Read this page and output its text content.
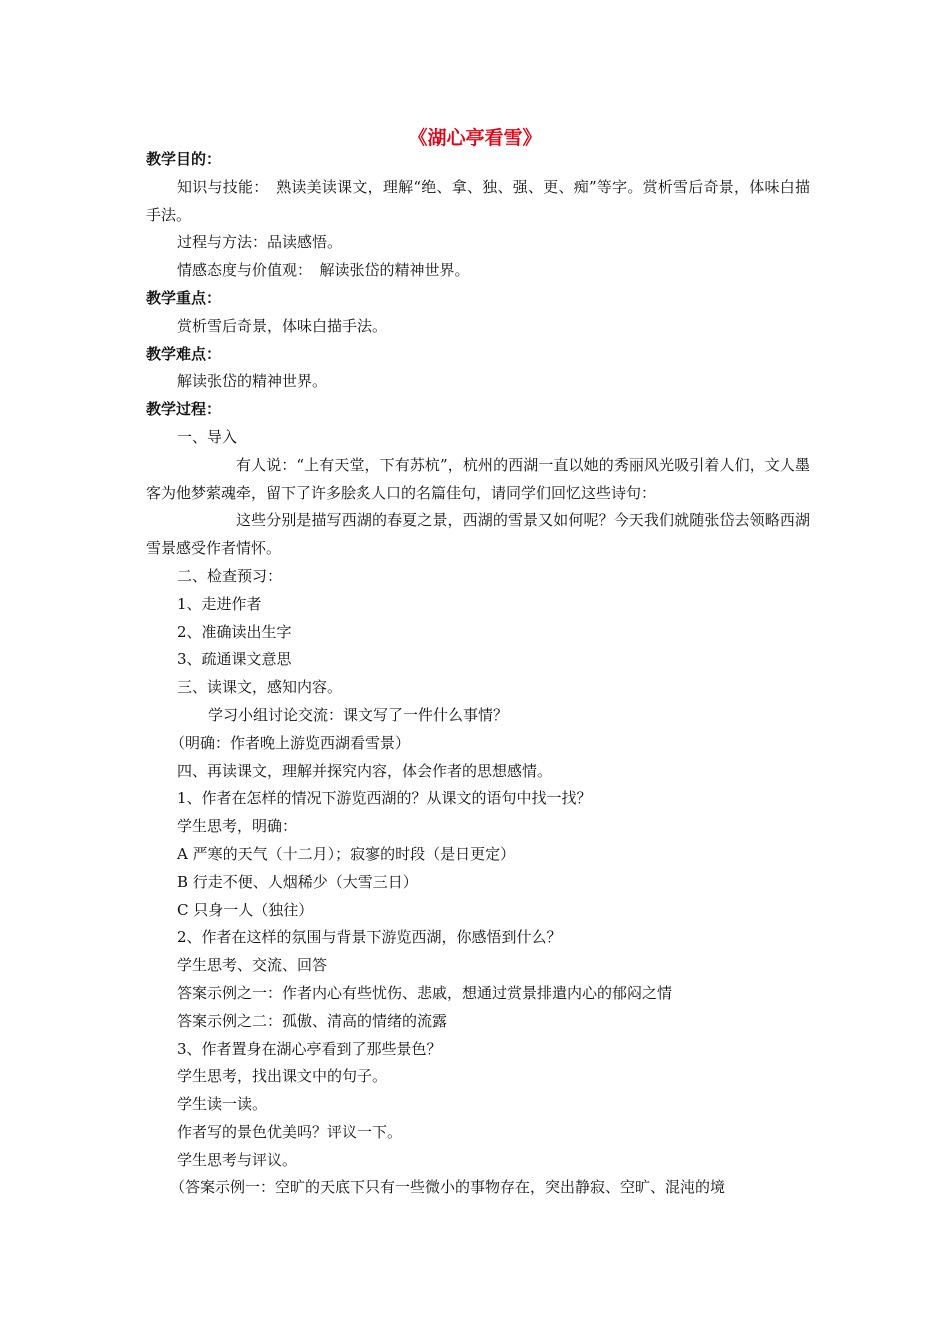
《湖心亭看雪》
教学目的：
知识与技能：　熟读美读课文，理解“绝、拿、独、强、更、痴”等字。赏析雪后奇景，体味白描手法。
过程与方法：品读感悟。
情感态度与价值观：　解读张岱的精神世界。
教学重点：
赏析雪后奇景，体味白描手法。
教学难点：
解读张岱的精神世界。
教学过程：
一、导入
有人说：“上有天堂，下有苏杭”，杭州的西湖一直以她的秀丽风光吸引着人们，文人墨客为他梦萦魂牵，留下了许多脍炙人口的名篇佳句，请同学们回忆这些诗句：
这些分别是描写西湖的春夏之景，西湖的雪景又如何呢？今天我们就随张岱去领略西湖雪景感受作者情怀。
二、检查预习：
1、走进作者
2、准确读出生字
3、疏通课文意思
三、读课文，感知内容。
学习小组讨论交流：课文写了一件什么事情？
（明确：作者晚上游览西湖看雪景）
四、再读课文，理解并探究内容，体会作者的思想感情。
1、作者在怎样的情况下游览西湖的？从课文的语句中找一找？
学生思考，明确：
A 严寒的天气（十二月）；寂寥的时段（是日更定）
B 行走不便、人烟稀少（大雪三日）
C 只身一人（独往）
2、作者在这样的氛围与背景下游览西湖，你感悟到什么？
学生思考、交流、回答
答案示例之一：作者内心有些忧伤、悲戚，想通过赏景排遣内心的郁闷之情
答案示例之二：孤傲、清高的情绪的流露
3、作者置身在湖心亭看到了那些景色？
学生思考，找出课文中的句子。
学生读一读。
作者写的景色优美吗？评议一下。
学生思考与评议。
（答案示例一：空旷的天底下只有一些微小的事物存在，突出静寂、空旷、混沌的境
